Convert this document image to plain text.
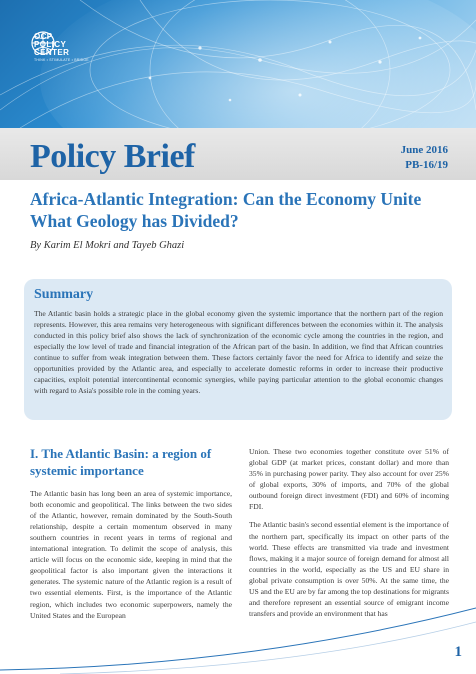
OCP
POLICY
CENTER
THINK • STIMULATE • BRIDGE
Policy Brief	June 2016
PB-16/19
Africa-Atlantic Integration: Can the Economy Unite What Geology has Divided?
By Karim El Mokri and Tayeb Ghazi
Summary
The Atlantic basin holds a strategic place in the global economy given the systemic importance that the northern part of the region represents. However, this area remains very heterogeneous with significant differences between the economies within it. The analysis conducted in this policy brief also shows the lack of synchronization of the economic cycle among the countries in the region, and especially the low level of trade and financial integration of the African part of the basin. In addition, we find that African countries continue to suffer from weak integration between them. These factors certainly favor the need for Africa to identify and seize the opportunities provided by the Atlantic area, and especially to accelerate domestic reforms in order to increase their productive capacities, exploit potential intercontinental economic synergies, while paying particular attention to the global economic changes with regard to Asia's possible role in the coming years.
I. The Atlantic Basin: a region of systemic importance

The Atlantic basin has long been an area of systemic importance, both economic and geopolitical. The links between the two sides of the Atlantic, however, remain dominated by the South-South relationship, despite a certain momentum observed in many southern countries in recent years in terms of regional and international integration. To delimit the scope of analysis, this article will focus on the economic side, keeping in mind that the geopolitical factor is also important given the interactions it generates. The systemic nature of the Atlantic region is a result of two essential elements. First, is the importance of the Atlantic region, which includes two economic superpowers, namely the United States and the European

Union. These two economies together constitute over 51% of global GDP (at market prices, constant dollar) and more than 35% in purchasing power parity. They also account for over 25% of global exports, 30% of imports, and 70% of the global outbound foreign direct investment (FDI) and 60% of incoming FDI.

The Atlantic basin's second essential element is the importance of the northern part, specifically its impact on other parts of the world. These effects are transmitted via trade and investment flows, making it a major source of foreign demand for almost all countries in the world, especially as the US and EU share in global private consumption is over 50%. At the same time, the US and the EU are by far among the top destinations for migrants and therefore represent an essential source of emigrant income transfers and provide an environment that has

1
